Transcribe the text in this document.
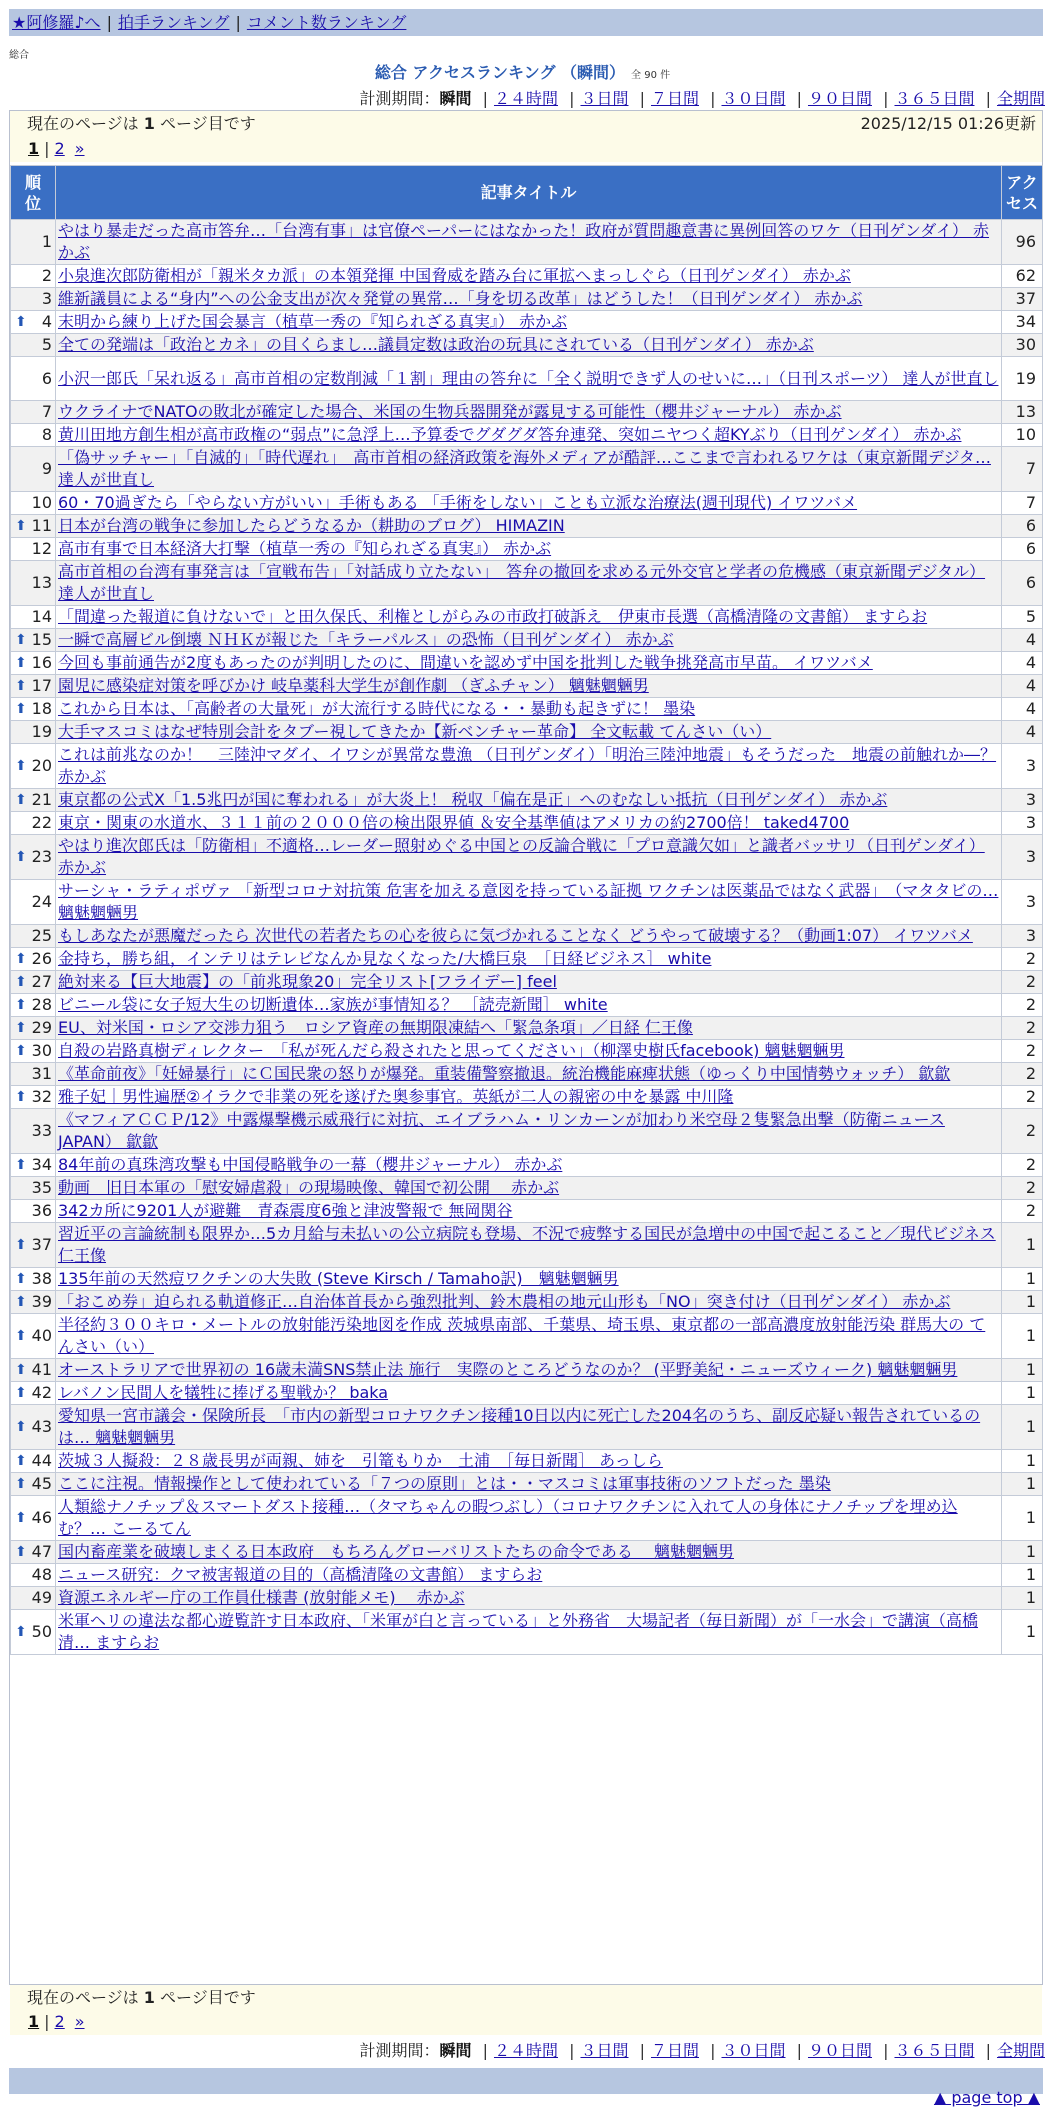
★阿修羅♪へ | 拍手ランキング | コメント数ランキング
総合
総合 アクセスランキング （瞬間） 全 90 件
計測期間：瞬間 | ２４時間 | ３日間 | ７日間 | ３０日間 | ９０日間 | ３６５日間 | 全期間
現在のページは 1 ページ目です	2025/12/15 01:26更新
1 | 2 »
順位	記事タイトル	アクセス
1	やはり暴走だった高市答弁…「台湾有事」は官僚ペーパーにはなかった！政府が質問趣意書に異例回答のワケ（日刊ゲンダイ） 赤かぶ	96
2	小泉進次郎防衛相が「親米タカ派」の本領発揮 中国脅威を踏み台に軍拡へまっしぐら（日刊ゲンダイ） 赤かぶ	62
3	維新議員による“身内”への公金支出が次々発覚の異常…「身を切る改革」はどうした！（日刊ゲンダイ） 赤かぶ	37

⬆ 4	末明から練り上げた国会暴言（植草一秀の『知られざる真実』） 赤かぶ	34
5	全ての発端は「政治とカネ」の目くらまし…議員定数は政治の玩具にされている（日刊ゲンダイ） 赤かぶ	30
6	小沢一郎氏「呆れ返る」高市首相の定数削減「１割」理由の答弁に「全く説明できず人のせいに…」（日刊スポーツ） 達人が世直し	19
7	ウクライナでNATOの敗北が確定した場合、米国の生物兵器開発が露見する可能性（櫻井ジャーナル） 赤かぶ	13
8	黄川田地方創生相が高市政権の“弱点”に急浮上…予算委でグダグダ答弁連発、突如ニヤつく超KYぶり（日刊ゲンダイ） 赤かぶ	10
9	「偽サッチャー」「自滅的」「時代遅れ」　高市首相の経済政策を海外メディアが酷評…ここまで言われるワケは（東京新聞デジタ… 達人が世直し	7
10	60・70過ぎたら「やらない方がいい」手術もある 「手術をしない」ことも立派な治療法(週刊現代) イワツバメ	7

⬆ 11	日本が台湾の戦争に参加したらどうなるか（耕助のブログ） HIMAZIN	6
12	高市有事で日本経済大打撃（植草一秀の『知られざる真実』） 赤かぶ	6
13	高市首相の台湾有事発言は「宣戦布告」「対話成り立たない」　答弁の撤回を求める元外交官と学者の危機感（東京新聞デジタル） 達人が世直し	6
14	「間違った報道に負けないで」と田久保氏、利権としがらみの市政打破訴え　伊東市長選（高橋清隆の文書館） ますらお	5

⬆ 15	一瞬で高層ビル倒壊 ＮＨＫが報じた「キラーパルス」の恐怖（日刊ゲンダイ） 赤かぶ	4

⬆ 16	今回も事前通告が2度もあったのが判明したのに、間違いを認めず中国を批判した戦争挑発高市早苗。 イワツバメ	4

⬆ 17	園児に感染症対策を呼びかけ 岐阜薬科大学生が創作劇 （ぎふチャン） 魑魅魍魎男	4

⬆ 18	これから日本は、「高齢者の大量死」が大流行する時代になる・・暴動も起きずに！ 墨染	4
19	大手マスコミはなぜ特別会計をタブー視してきたか【新ベンチャー革命】 全文転載 てんさい（い）	4

⬆ 20	これは前兆なのか！　三陸沖マダイ、イワシが異常な豊漁 （日刊ゲンダイ）「明治三陸沖地震」もそうだった　地震の前触れか―？ 赤かぶ	3

⬆ 21	東京都の公式X「1.5兆円が国に奪われる」が大炎上！ 税収「偏在是正」へのむなしい抵抗（日刊ゲンダイ） 赤かぶ	3
22	東京・関東の水道水、３１１前の２０００倍の検出限界値 ＆安全基準値はアメリカの約2700倍！ taked4700	3

⬆ 23	やはり進次郎氏は「防衛相」不適格…レーダー照射めぐる中国との反論合戦に「プロ意識欠如」と識者バッサリ（日刊ゲンダイ） 赤かぶ	3
24	サーシャ・ラティポヴァ 「新型コロナ対抗策 危害を加える意図を持っている証拠 ワクチンは医薬品ではなく武器」　（マタタビの… 魑魅魍魎男	3
25	もしあなたが悪魔だったら 次世代の若者たちの心を彼らに気づかれることなく どうやって破壊する？（動画1:07） イワツバメ	3

⬆ 26	金持ち，勝ち組，インテリはテレビなんか見なくなった/大橋巨泉　［日経ビジネス］ white	2

⬆ 27	絶対来る【巨大地震】の「前兆現象20」完全リスト[フライデー] feel	2

⬆ 28	ビニール袋に女子短大生の切断遺体…家族が事情知る？ ［読売新聞］ white	2

⬆ 29	EU、対米国・ロシア交渉力狙う　ロシア資産の無期限凍結へ「緊急条項」／日経 仁王像	2

⬆ 30	自殺の岩路真樹ディレクター　「私が死んだら殺されたと思ってください」（柳澤史樹氏facebook) 魑魅魍魎男	2
31	《革命前夜》「妊婦暴行」にＣ国民衆の怒りが爆発。重装備警察撤退。統治機能麻痺状態（ゆっくり中国情勢ウォッチ） 歙歙	2

⬆ 32	雅子妃｜男性遍歴②イラクで非業の死を遂げた奥参事官。英紙が二人の親密の中を暴露 中川隆	2
33	《マフィアＣＣＰ/12》中露爆撃機示威飛行に対抗、エイブラハム・リンカーンが加わり米空母２隻緊急出撃（防衛ニュースJAPAN） 歙歙	2

⬆ 34	84年前の真珠湾攻撃も中国侵略戦争の一幕（櫻井ジャーナル） 赤かぶ	2
35	動画　旧日本軍の「慰安婦虐殺」の現場映像、韓国で初公開　 赤かぶ	2
36	342カ所に9201人が避難　青森震度6強と津波警報で 無岡関谷	2

⬆ 37	習近平の言論統制も限界か…5カ月給与未払いの公立病院も登場、不況で疲弊する国民が急増中の中国で起こること／現代ビジネス 仁王像	1

⬆ 38	135年前の天然痘ワクチンの大失敗 (Steve Kirsch / Tamaho訳)　魑魅魍魎男	1

⬆ 39	「おこめ券」迫られる軌道修正…自治体首長から強烈批判、鈴木農相の地元山形も「NO」突き付け（日刊ゲンダイ） 赤かぶ	1

⬆ 40	半径約３００キロ・メートルの放射能汚染地図を作成 茨城県南部、千葉県、埼玉県、東京都の一部高濃度放射能汚染 群馬大の て んさい（い）	1

⬆ 41	オーストラリアで世界初の 16歳未満SNS禁止法 施行　実際のところどうなのか？ (平野美紀・ニューズウィーク) 魑魅魍魎男	1

⬆ 42	レバノン民間人を犠牲に捧げる聖戦か？ baka	1

⬆ 43	愛知県一宮市議会・保険所長　「市内の新型コロナワクチン接種10日以内に死亡した204名のうち、副反応疑い報告されているのは… 魑魅魍魎男	1

⬆ 44	茨城３人擬殺：２８歳長男が両親、姉を　引篭もりか　土浦　［毎日新聞］ あっしら	1

⬆ 45	ここに注視。情報操作として使われている「７つの原則」とは・・マスコミは軍事技術のソフトだった 墨染	1

⬆ 46	人類総ナノチップ＆スマートダスト接種…（タマちゃんの暇つぶし）（コロナワクチンに入れて人の身体にナノチップを埋め込む？… こーるてん	1

⬆ 47	国内畜産業を破壊しまくる日本政府　もちろんグローバリストたちの命令である　 魑魅魍魎男	1
48	ニュース研究：クマ被害報道の目的（高橋清隆の文書館） ますらお	1
49	資源エネルギー庁の工作員仕様書 (放射能メモ)　 赤かぶ	1

⬆ 50	米軍ヘリの違法な都心遊覧許す日本政府、「米軍が白と言っている」と外務省　大場記者（毎日新聞）が「一水会」で講演（高橋清… ますらお	1
現在のページは 1 ページ目です
1 | 2 »
計測期間：瞬間 | ２４時間 | ３日間 | ７日間 | ３０日間 | ９０日間 | ３６５日間 | 全期間
▲ page top ▲
